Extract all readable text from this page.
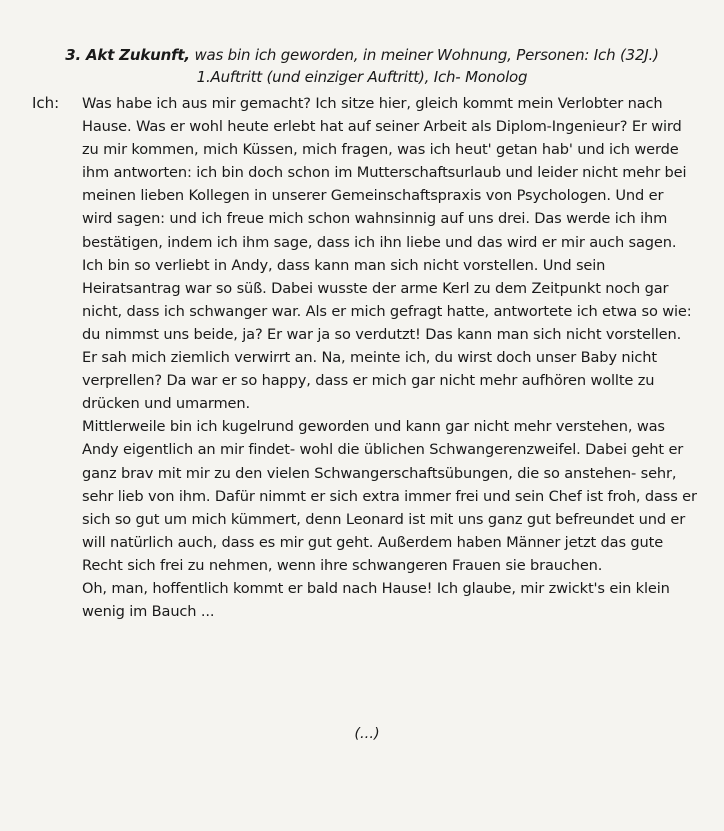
3. Akt Zukunft, was bin ich geworden, in meiner Wohnung, Personen: Ich (32J.)
1.Auftritt (und einziger Auftritt), Ich- Monolog
Ich: Was habe ich aus mir gemacht? Ich sitze hier, gleich kommt mein Verlobter nach Hause. Was er wohl heute erlebt hat auf seiner Arbeit als Diplom-Ingenieur? Er wird zu mir kommen, mich Küssen, mich fragen, was ich heut' getan hab' und ich werde ihm antworten: ich bin doch schon im Mutterschaftsurlaub und leider nicht mehr bei meinen lieben Kollegen in unserer Gemeinschaftspraxis von Psychologen. Und er wird sagen: und ich freue mich schon wahnsinnig auf uns drei. Das werde ich ihm bestätigen, indem ich ihm sage, dass ich ihn liebe und das wird er mir auch sagen.

Ich bin so verliebt in Andy, dass kann man sich nicht vorstellen. Und sein Heiratsantrag war so süß. Dabei wusste der arme Kerl zu dem Zeitpunkt noch gar nicht, dass ich schwanger war. Als er mich gefragt hatte, antwortete ich etwa so wie: du nimmst uns beide, ja? Er war ja so verdutzt! Das kann man sich nicht vorstellen. Er sah mich ziemlich verwirrt an. Na, meinte ich, du wirst doch unser Baby nicht verprellen? Da war er so happy, dass er mich gar nicht mehr aufhören wollte zu drücken und umarmen.

Mittlerweile bin ich kugelrund geworden und kann gar nicht mehr verstehen, was Andy eigentlich an mir findet- wohl die üblichen Schwangerenzweifel. Dabei geht er ganz brav mit mir zu den vielen Schwangerschaftsübungen, die so anstehen- sehr, sehr lieb von ihm. Dafür nimmt er sich extra immer frei und sein Chef ist froh, dass er sich so gut um mich kümmert, denn Leonard ist mit uns ganz gut befreundet und er will natürlich auch, dass es mir gut geht. Außerdem haben Männer jetzt das gute Recht sich frei zu nehmen, wenn ihre schwangeren Frauen sie brauchen.

Oh, man, hoffentlich kommt er bald nach Hause! Ich glaube, mir zwickt's ein klein wenig im Bauch ...

(...)
